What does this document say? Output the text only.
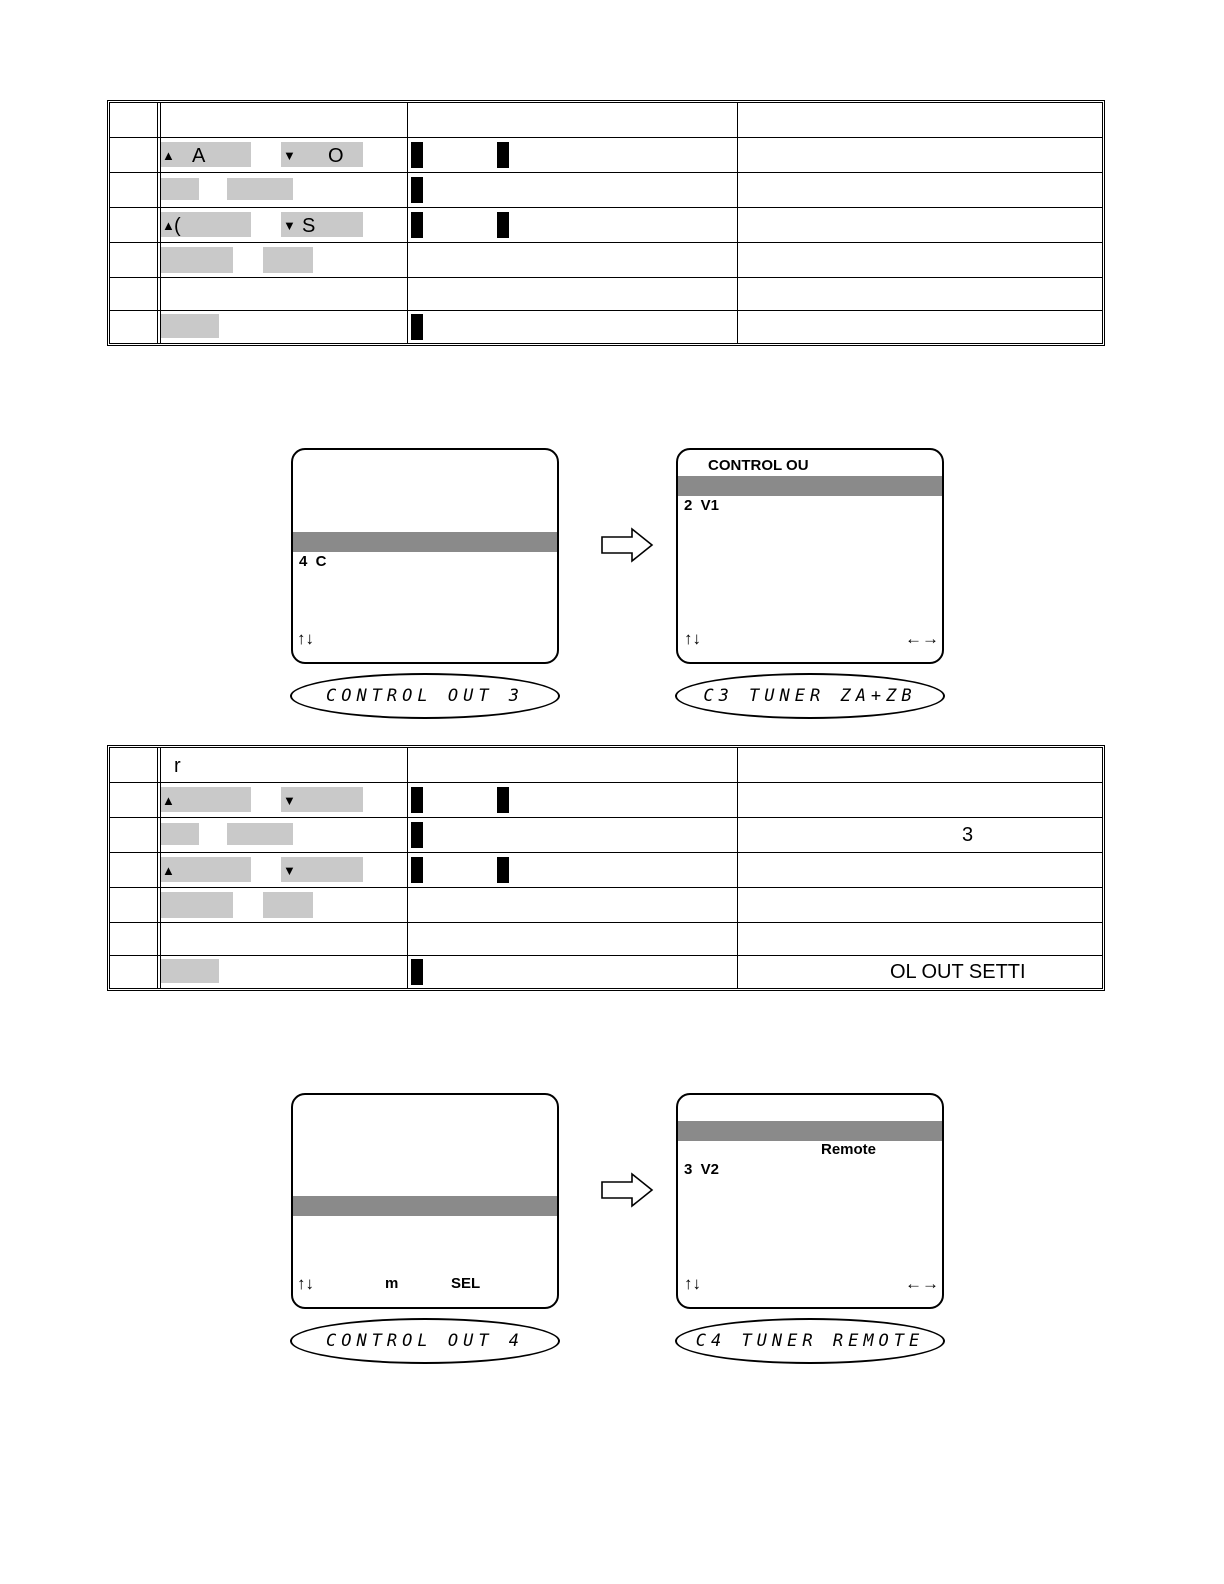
▲ A	▼ O
▲ (	▼ S
4  C
↑↓
CONTROL OUT 3
CONTROL OU
2  V1
↑↓	←→
C3 TUNER ZA+ZB
r
▲	▼
3
▲	▼
OL OUT SETTI
↑↓	m	SEL
CONTROL OUT 4
Remote
3  V2
↑↓	←→
C4 TUNER REMOTE
